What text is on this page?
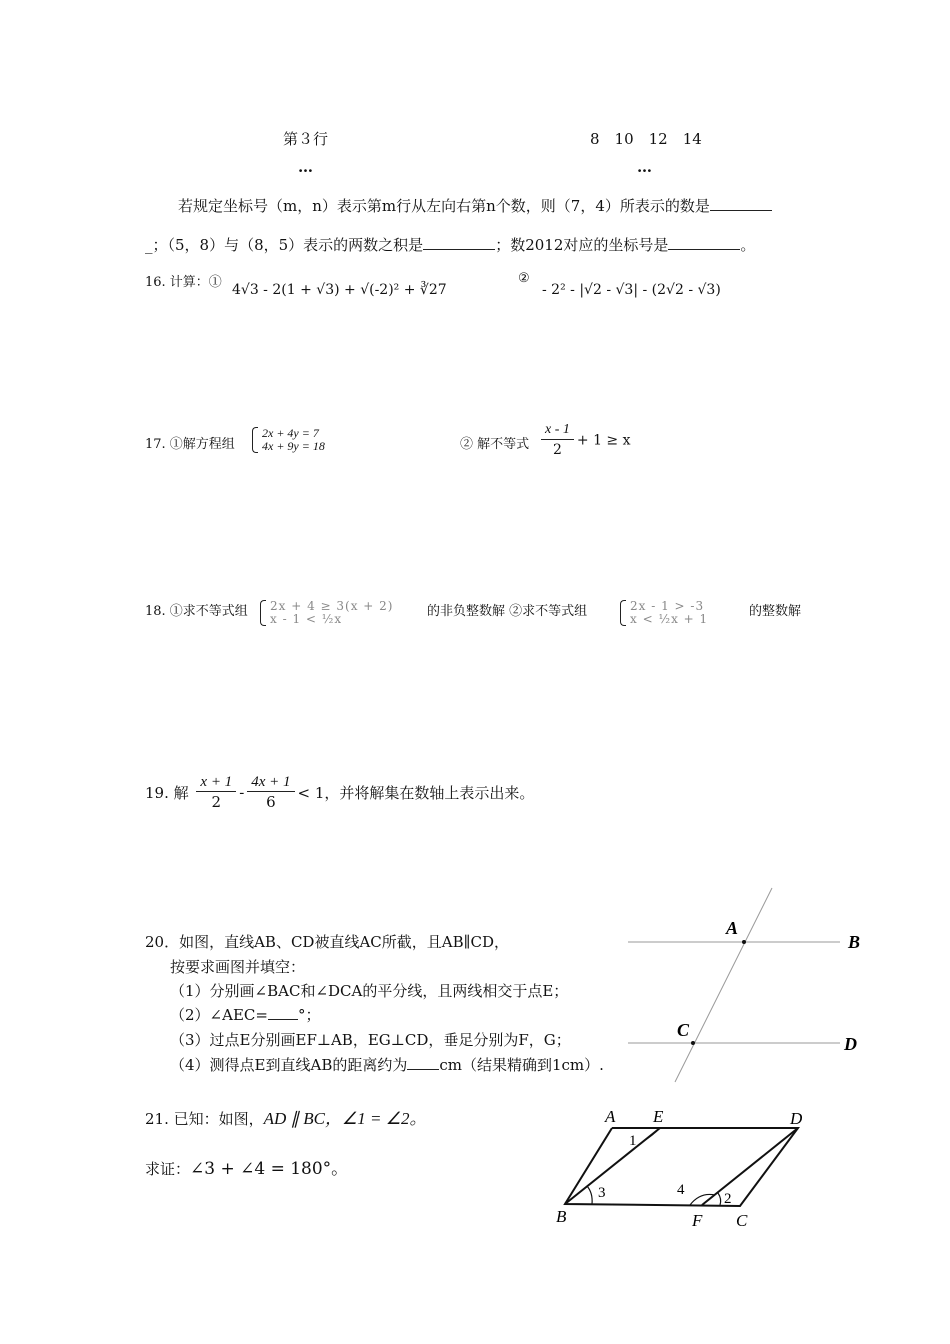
第３行	8　10　12　14
…	…
若规定坐标号（m，n）表示第m行从左向右第n个数，则（7，4）所表示的数是
_；（5，8）与（8，5）表示的两数之积是	；数2012对应的坐标号是	。
16. 计算：① 4√3 - 2(1 + √3) + √(-2)² + ∛27
②
- 2² - |√2 - √3| - (2√2 - √3)
17. ①解方程组
2x + 4y = 7
4x + 9y = 18	② 解不等式 $\frac{x - 1}{2} + 1 \ge x$
18. ①求不等式组 2x + 4 ≥ 3(x + 2)
x - 1 < ½x	的非负整数解 ②求不等式组	2x - 1 > -3
x < ½x + 1	的整数解
19. 解 $\frac{x + 1}{2} - \frac{4x + 1}{6} < 1$，并将解集在数轴上表示出来。
20．如图，直线AB、CD被直线AC所截，且AB∥CD，
按要求画图并填空：
（1）分别画∠BAC和∠DCA的平分线，且两线相交于点E；
（2）∠AEC= °；
（3）过点E分别画EF⊥AB，EG⊥CD，垂足分别为F，G；
（4）测得点E到直线AB的距离约为 cm（结果精确到1cm）.
A
B
C
D
21. 已知：如图，AD ∥ BC，∠1 = ∠2。
求证：∠3 + ∠4 = 180°。
A E	D
B	F C
1
2
3	4
